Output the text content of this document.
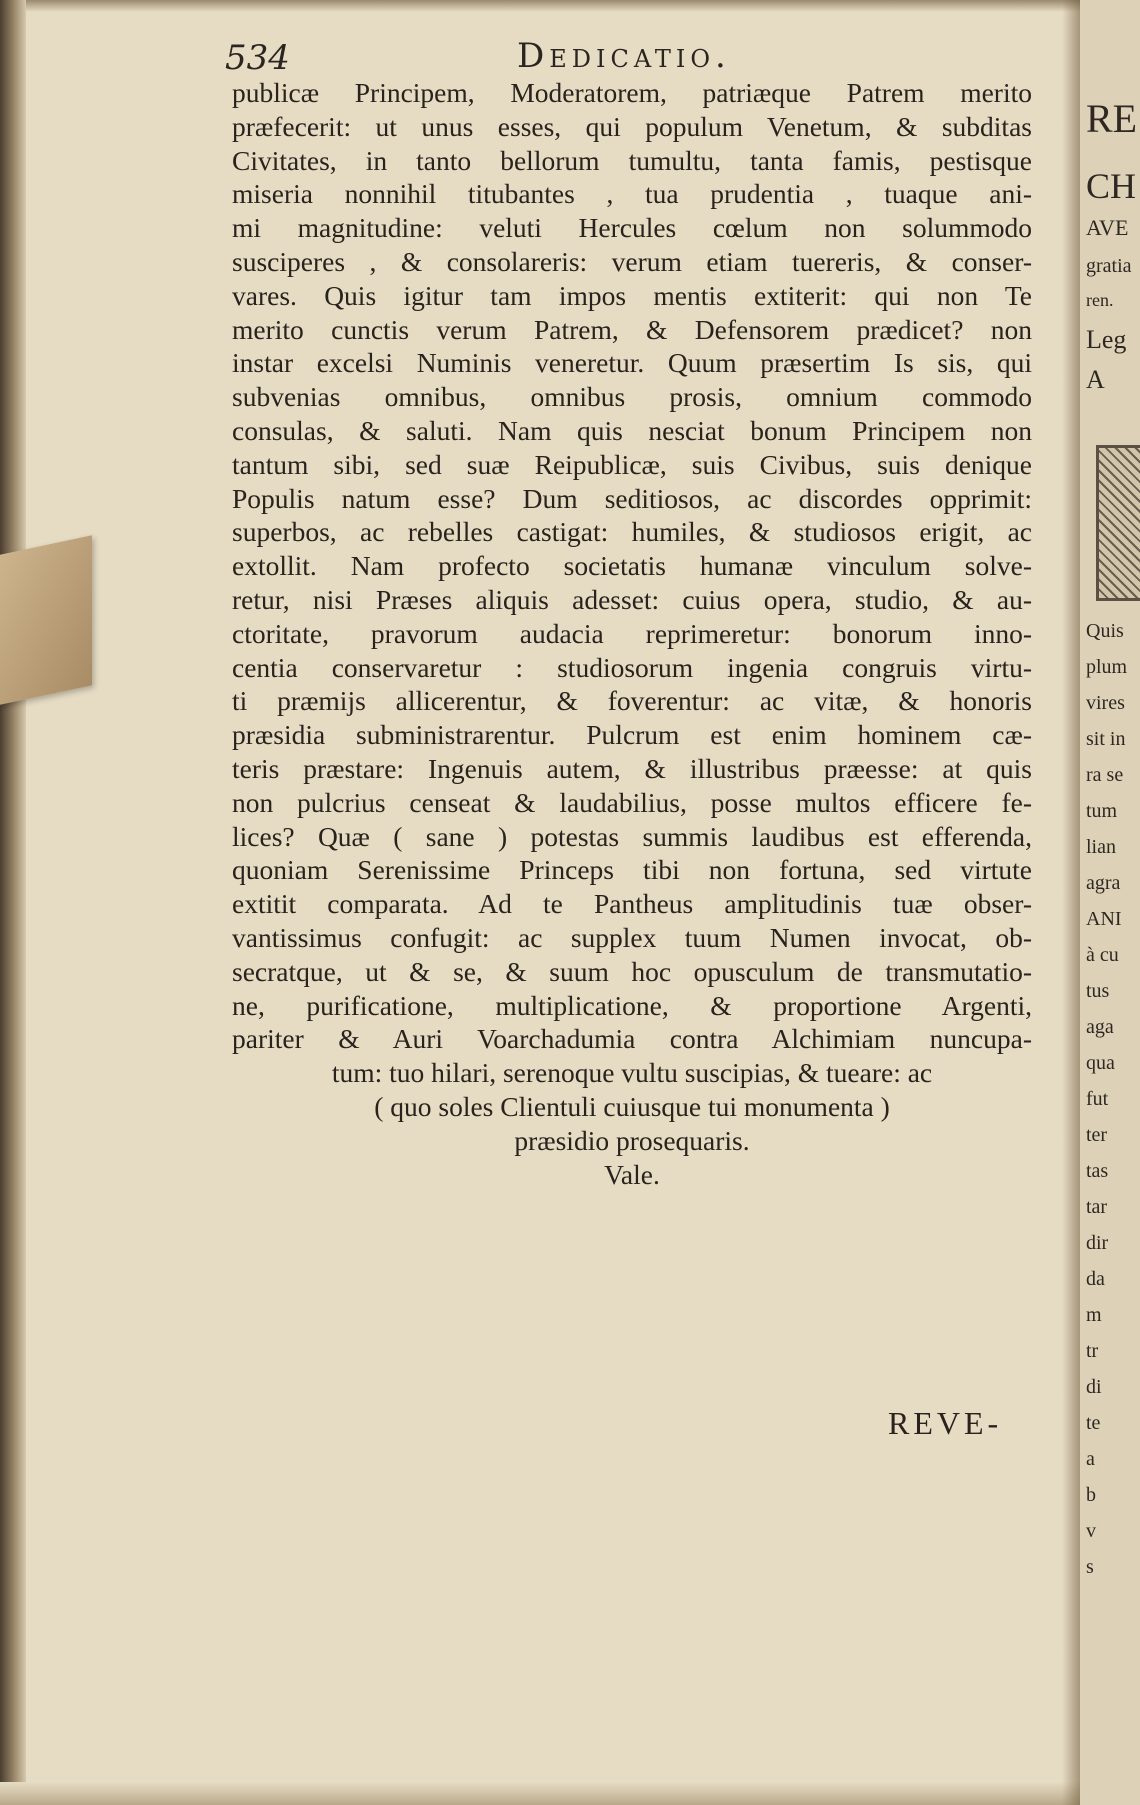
534	Dedicatio.
publicæ Principem, Moderatorem, patriæque Patrem merito
præfecerit: ut unus esses, qui populum Venetum, & subditas
Civitates, in tanto bellorum tumultu, tanta famis, pestisque
miseria nonnihil titubantes , tua prudentia , tuaque ani-
mi magnitudine: veluti Hercules cœlum non solummodo
susciperes , & consolareris: verum etiam tuereris, & conser-
vares. Quis igitur tam impos mentis extiterit: qui non Te
merito cunctis verum Patrem, & Defensorem prædicet? non
instar excelsi Numinis veneretur. Quum præsertim Is sis, qui
subvenias omnibus, omnibus prosis, omnium commodo
consulas, & saluti. Nam quis nesciat bonum Principem non
tantum sibi, sed suæ Reipublicæ, suis Civibus, suis denique
Populis natum esse? Dum seditiosos, ac discordes opprimit:
superbos, ac rebelles castigat: humiles, & studiosos erigit, ac
extollit. Nam profecto societatis humanæ vinculum solve-
retur, nisi Præses aliquis adesset: cuius opera, studio, & au-
ctoritate, pravorum audacia reprimeretur: bonorum inno-
centia conservaretur : studiosorum ingenia congruis virtu-
ti præmijs allicerentur, & foverentur: ac vitæ, & honoris
præsidia subministrarentur. Pulcrum est enim hominem cæ-
teris præstare: Ingenuis autem, & illustribus præesse: at quis
non pulcrius censeat & laudabilius, posse multos efficere fe-
lices? Quæ ( sane ) potestas summis laudibus est efferenda,
quoniam Serenissime Princeps tibi non fortuna, sed virtute
extitit comparata. Ad te Pantheus amplitudinis tuæ obser-
vantissimus confugit: ac supplex tuum Numen invocat, ob-
secratque, ut & se, & suum hoc opusculum de transmutatio-
ne, purificatione, multiplicatione, & proportione Argenti,
pariter & Auri Voarchadumia contra Alchimiam nuncupa-
tum: tuo hilari, serenoque vultu suscipias, & tueare: ac
( quo soles Clientuli cuiusque tui monumenta )
præsidio prosequaris.
Vale.
REVE-
RE
CH
AVE
gratia
ren.
Leg
A
Quis
plum
vires
sit in
ra se
tum
lian
agra
ANI
à cu
tus
aga
qua
fut
ter
tas
tar
dir
da
m
tr
di
te
a
b
v
s
